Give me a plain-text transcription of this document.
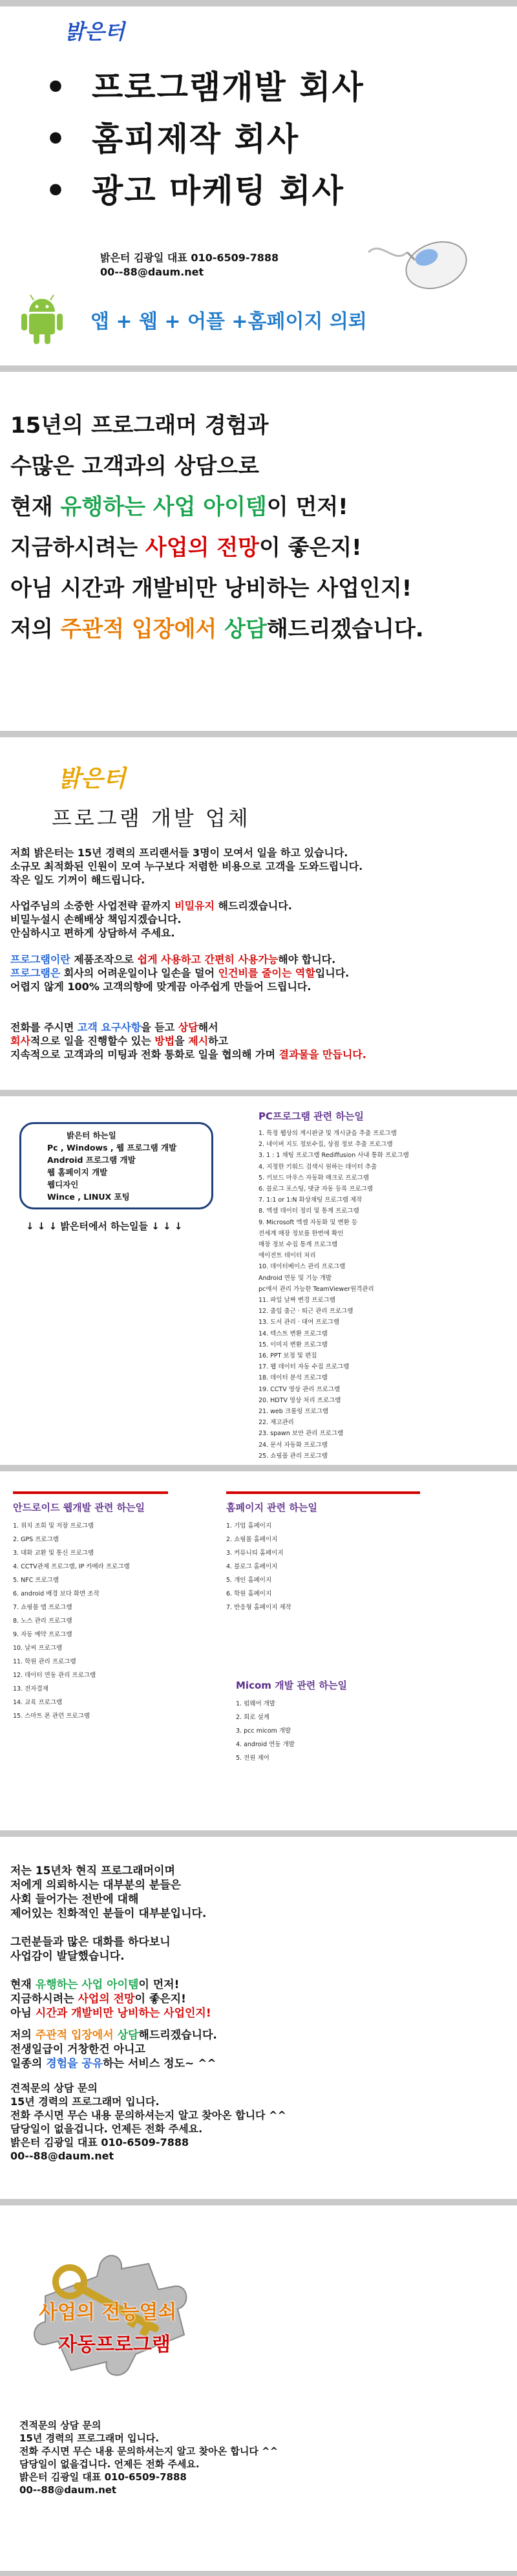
밝은터
• 프로그램개발 회사
• 홈피제작 회사
• 광고 마케팅 회사
밝은터 김광일 대표 010-6509-7888
00--88@daum.net
앱 + 웹 + 어플 +홈페이지 의뢰
15년의 프로그래머 경험과
수많은 고객과의 상담으로
현재 유행하는 사업 아이템이 먼저!
지금하시려는 사업의 전망이 좋은지!
아님 시간과 개발비만 낭비하는 사업인지!
저의 주관적 입장에서 상담해드리겠습니다.
밝은터
프로그램 개발 업체
저희 밝은터는 15년 경력의 프리랜서들 3명이 모여서 일을 하고 있습니다.
소규모 최적화된 인원이 모여 누구보다 저렴한 비용으로 고객을 도와드립니다.
작은 일도 기꺼이 해드립니다.
사업주님의 소중한 사업전략 끝까지 비밀유지 해드리겠습니다.
비밀누설시 손해배상 책임지겠습니다.
안심하시고 편하게 상담하셔 주세요.
프로그램이란 제품조작으로 쉽게 사용하고 간편히 사용가능해야 합니다.
프로그램은 회사의 어려운일이나 일손을 덜어 인건비를 줄이는 역할입니다.
어렵지 않게 100% 고객의향에 맞게끔 아주쉽게 만들어 드립니다.
전화를 주시면 고객 요구사항을 듣고 상담해서
회사적으로 일을 진행할수 있는 방법을 제시하고
지속적으로 고객과의 미팅과 전화 통화로 일을 협의해 가며 결과물을 만듭니다.
밝은터 하는일
Pc , Windows , 웹 프로그램 개발
Android 프로그램 개발
웹 홈페이지 개발
웹디자인
Wince , LINUX 포팅
↓ ↓ ↓ 밝은터에서 하는일들 ↓ ↓ ↓
PC프로그램 관련 하는일
1. 특정 웹상의 게시판글 및 개시글을 추출 프로그램
2. 네이버 지도 정보수집, 상점 정보 추출 프로그램
3. 1 : 1 채팅 프로그램 Rediffusion 사내 통화 프로그램
4. 지정한 키워드 검색시 원하는 데이터 추출
5. 키보드 마우스 자동화 매크로 프로그램
6. 블로그 포스팅, 댓글 자동 등록 프로그램
7. 1:1 or 1:N 화상채팅 프로그램 제작
8. 엑셀 데이터 정리 및 통계 프로그램
9. Microsoft 엑셀 자동화 및 변환 등
전세계 매장 정보를 한번에 확인
매장 정보 수집 통계 프로그램
에이전트 데이터 처리
10. 데이터베이스 관리 프로그램
Android 연동 및 기능 개발
pc에서 관리 가능한 TeamViewer원격관리
11. 파일 날짜 변경 프로그램
12. 출입 출근 · 퇴근 관리 프로그램
13. 도서 관리 · 대여 프로그램
14. 텍스트 변환 프로그램
15. 이미지 변환 프로그램
16. PPT 보정 및 편집
17. 웹 데이터 자동 수집 프로그램
18. 데이터 분석 프로그램
19. CCTV 영상 관리 프로그램
20. HDTV 영상 처리 프로그램
21. web 크롤링 프로그램
22. 재고관리
23. spawn 보안 관리 프로그램
24. 문서 자동화 프로그램
25. 쇼핑몰 관리 프로그램
안드로이드 웹개발 관련 하는일
1. 위치 조회 및 저장 프로그램
2. GPS 프로그램
3. 대화 교환 및 통신 프로그램
4. CCTV관제 프로그램, IP 카메라 프로그램
5. NFC 프로그램
6. android 배경 보다 화면 조작
7. 쇼핑몰 앱 프로그램
8. 노스 관리 프로그램
9. 자동 예약 프로그램
10. 날씨 프로그램
11. 학원 관리 프로그램
12. 데이터 연동 관리 프로그램
13. 전자결재
14. 교육 프로그램
15. 스마트 폰 관련 프로그램
홈페이지 관련 하는일
1. 기업 홈페이지
2. 쇼핑몰 홈페이지
3. 커뮤니티 홈페이지
4. 블로그 홈페이지
5. 개인 홈페이지
6. 학원 홈페이지
7. 반응형 홈페이지 제작
Micom 개발 관련 하는일
1. 펌웨어 개발
2. 회로 설계
3. pcc micom 개발
4. android 연동 개발
5. 전원 제어
저는 15년차 현직 프로그래머이며
저에게 의뢰하시는 대부분의 분들은
사회 들어가는 전반에 대해
제어있는 친화적인 분들이 대부분입니다.
그런분들과 많은 대화를 하다보니
사업감이 발달했습니다.
현재 유행하는 사업 아이템이 먼저!
지금하시려는 사업의 전망이 좋은지!
아님 시간과 개발비만 낭비하는 사업인지!
저의 주관적 입장에서 상담해드리겠습니다.
전생일급이 거창한건 아니고
일종의 경험을 공유하는 서비스 정도~ ^^
견적문의 상담 문의
15년 경력의 프로그래머 입니다.
전화 주시면 무슨 내용 문의하셔는지 알고 찾아온 합니다 ^^
담당일이 없을겁니다. 언제든 전화 주세요.
밝은터 김광일 대표 010-6509-7888
00--88@daum.net
사업의 전능열쇠
자동프로그램
견적문의 상담 문의
15년 경력의 프로그래머 입니다.
전화 주시면 무슨 내용 문의하셔는지 알고 찾아온 합니다 ^^
담당일이 없을겁니다. 언제든 전화 주세요.
밝은터 김광일 대표 010-6509-7888
00--88@daum.net
